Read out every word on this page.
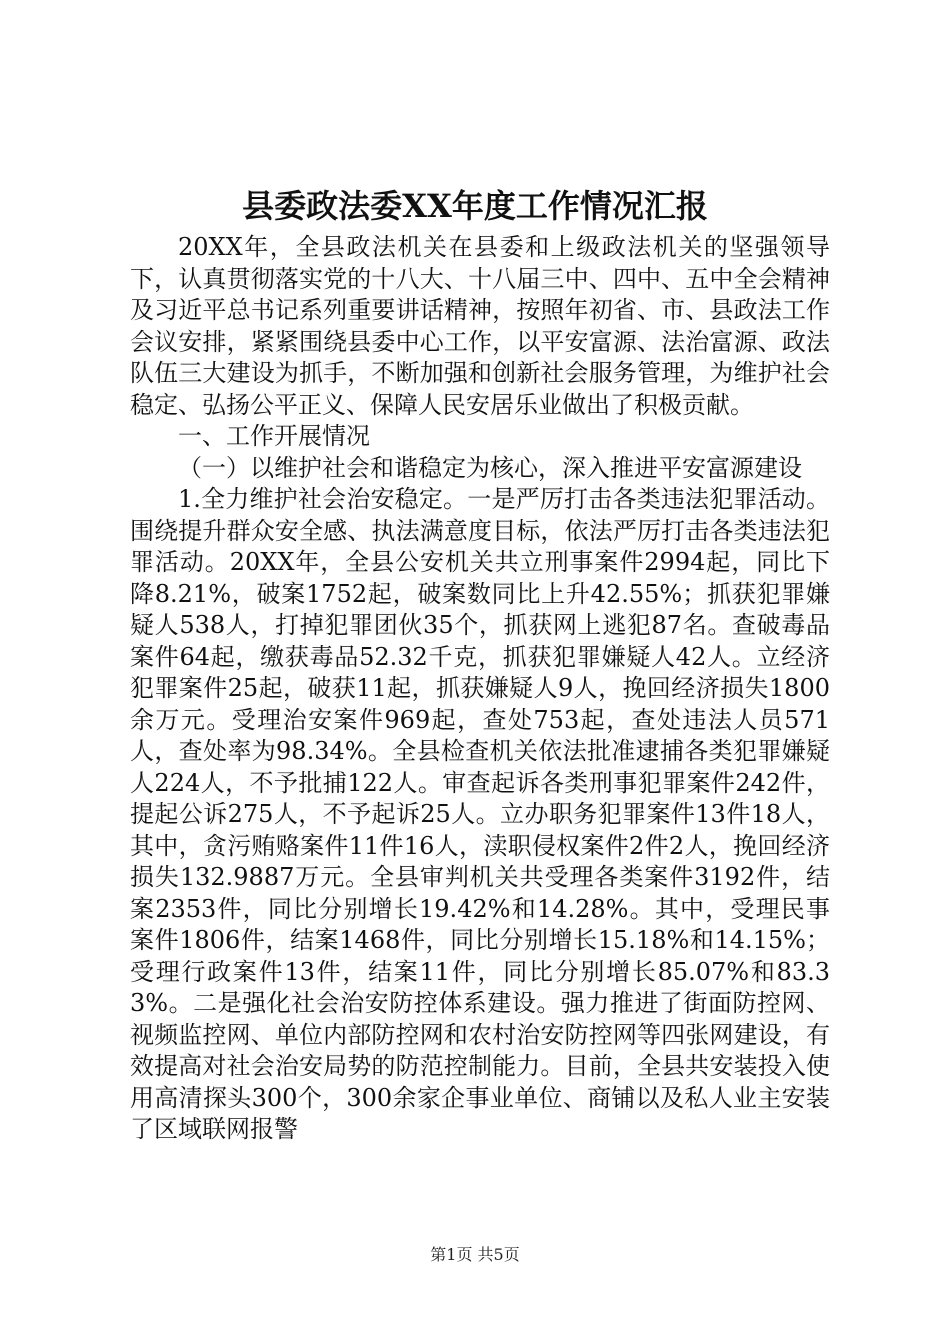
县委政法委XX年度工作情况汇报

20XX年，全县政法机关在县委和上级政法机关的坚强领导下，认真贯彻落实党的十八大、十八届三中、四中、五中全会精神及习近平总书记系列重要讲话精神，按照年初省、市、县政法工作会议安排，紧紧围绕县委中心工作，以平安富源、法治富源、政法队伍三大建设为抓手，不断加强和创新社会服务管理，为维护社会稳定、弘扬公平正义、保障人民安居乐业做出了积极贡献。

一、工作开展情况

（一）以维护社会和谐稳定为核心，深入推进平安富源建设

1.全力维护社会治安稳定。一是严厉打击各类违法犯罪活动。围绕提升群众安全感、执法满意度目标，依法严厉打击各类违法犯罪活动。20XX年，全县公安机关共立刑事案件2994起，同比下降8.21%，破案1752起，破案数同比上升42.55%；抓获犯罪嫌疑人538人，打掉犯罪团伙35个，抓获网上逃犯87名。查破毒品案件64起，缴获毒品52.32千克，抓获犯罪嫌疑人42人。立经济犯罪案件25起，破获11起，抓获嫌疑人9人，挽回经济损失1800余万元。受理治安案件969起，查处753起，查处违法人员571人，查处率为98.34%。全县检查机关依法批准逮捕各类犯罪嫌疑人224人，不予批捕122人。审查起诉各类刑事犯罪案件242件，提起公诉275人，不予起诉25人。立办职务犯罪案件13件18人，其中，贪污贿赂案件11件16人，渎职侵权案件2件2人，挽回经济损失132.9887万元。全县审判机关共受理各类案件3192件，结案2353件，同比分别增长19.42%和14.28%。其中，受理民事案件1806件，结案1468件，同比分别增长15.18%和14.15%；受理行政案件13件，结案11件，同比分别增长85.07%和83.33%。二是强化社会治安防控体系建设。强力推进了街面防控网、视频监控网、单位内部防控网和农村治安防控网等四张网建设，有效提高对社会治安局势的防范控制能力。目前，全县共安装投入使用高清探头300个，300余家企事业单位、商铺以及私人业主安装了区域联网报警

第1页 共5页
